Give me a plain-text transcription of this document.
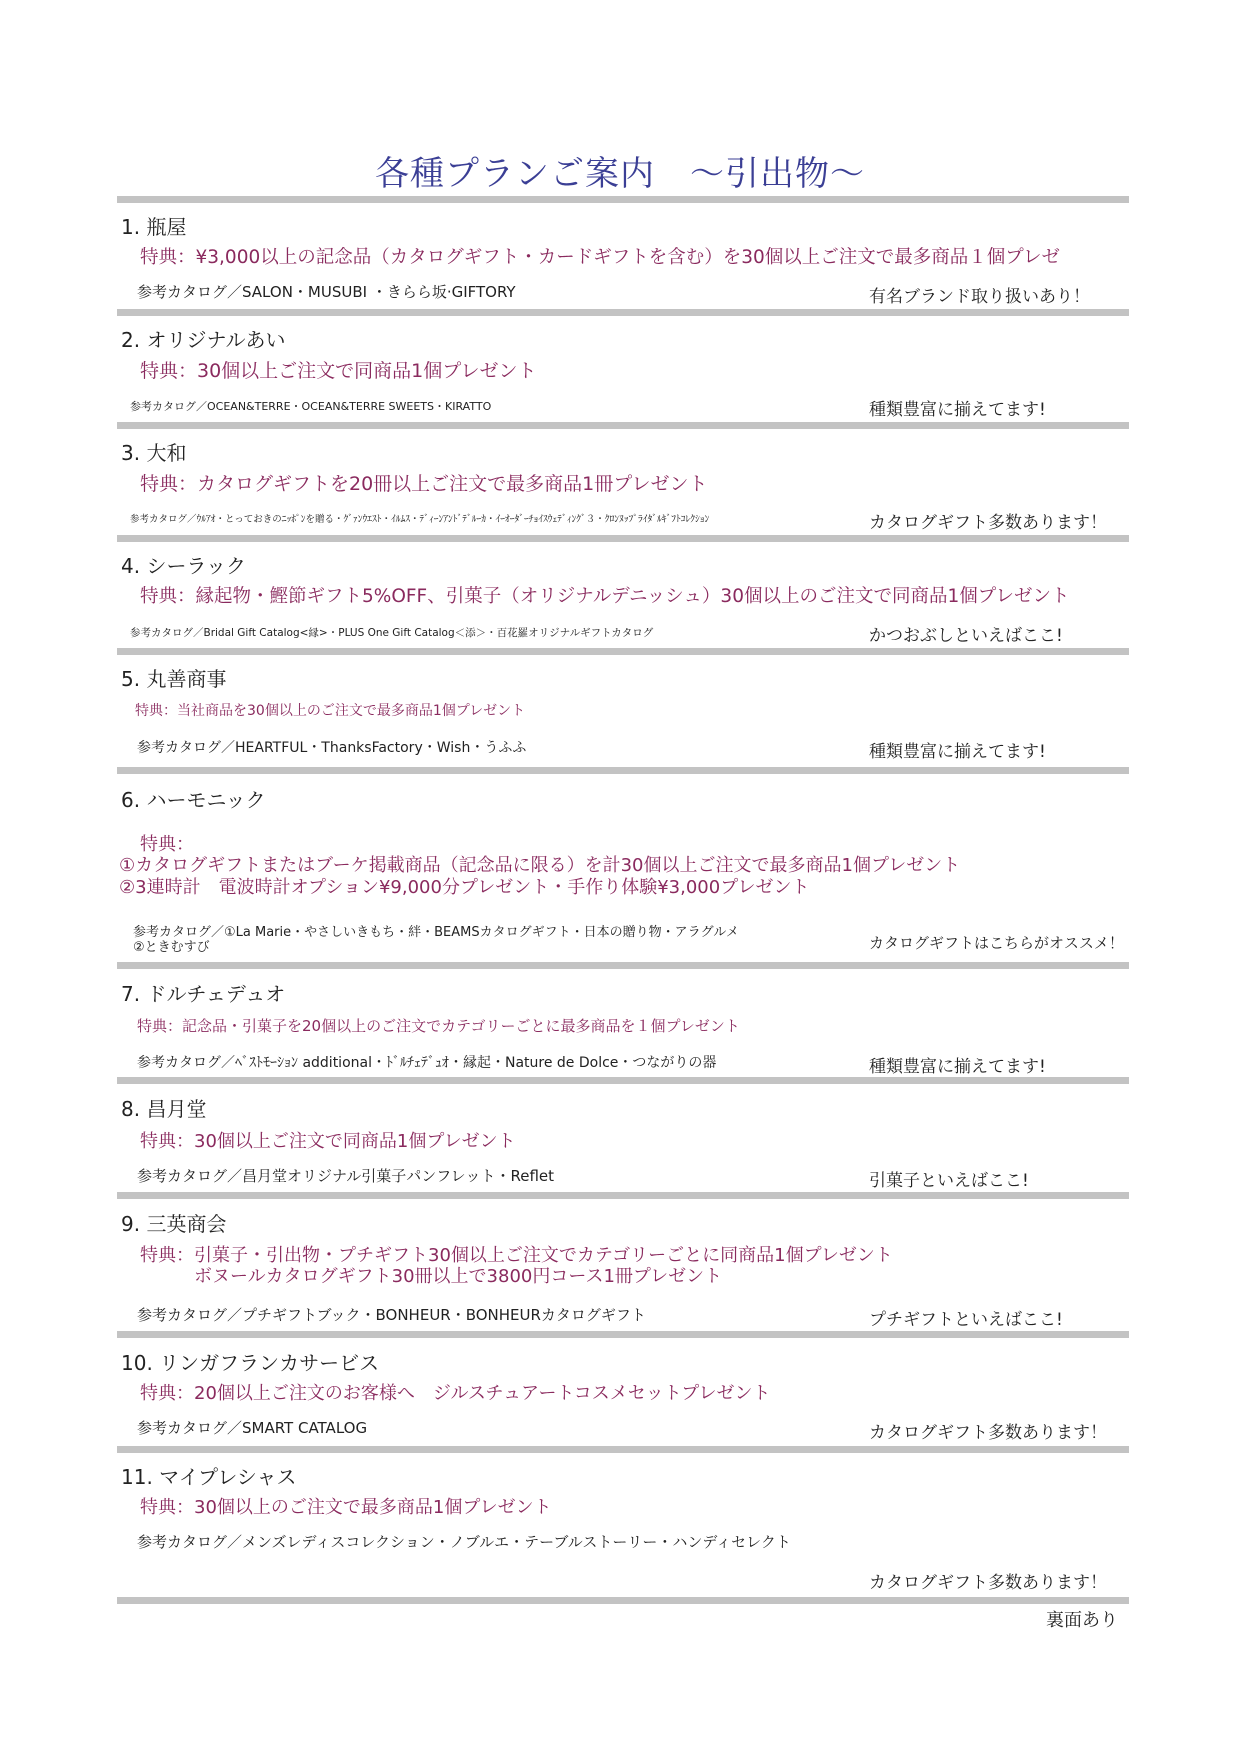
各種プランご案内　～引出物～
1. 瓶屋
特典：¥3,000以上の記念品（カタログギフト・カードギフトを含む）を30個以上ご注文で最多商品１個プレゼ
参考カタログ／SALON・MUSUBI ・きらら坂·GIFTORY	有名ブランド取り扱いあり！
2. オリジナルあい
特典：30個以上ご注文で同商品1個プレゼント
参考カタログ／OCEAN&TERRE・OCEAN&TERRE SWEETS・KIRATTO	種類豊富に揃えてます!
3. 大和
特典：カタログギフトを20冊以上ご注文で最多商品1冊プレゼント
参考カタログ／ｳﾙｱｵ・とっておきのﾆｯﾎﾟﾝを贈る・ｸﾞｧﾝｳｴｽﾄ・ｲﾙﾑｽ・ﾃﾞｨｰﾝｱﾝﾄﾞﾃﾞﾙｰｶ・ｲｰｵｰﾀﾞｰﾁｮｲｽｳｪﾃﾞｨﾝｸﾞ３・ｸﾛﾝﾇｯﾌﾟﾗｲﾀﾞﾙｷﾞﾌﾄｺﾚｸｼｮﾝ	カタログギフト多数あります！
4. シーラック
特典：縁起物・鰹節ギフト5%OFF、引菓子（オリジナルデニッシュ）30個以上のご注文で同商品1個プレゼント
参考カタログ／Bridal Gift Catalog<縁>・PLUS One Gift Catalog＜添＞・百花羅オリジナルギフトカタログ	かつおぶしといえばここ!
5. 丸善商事
特典：当社商品を30個以上のご注文で最多商品1個プレゼント
参考カタログ／HEARTFUL・ThanksFactory・Wish・うふふ	種類豊富に揃えてます!
6. ハーモニック
特典：
①カタログギフトまたはブーケ掲載商品（記念品に限る）を計30個以上ご注文で最多商品1個プレゼント
②3連時計　電波時計オプション¥9,000分プレゼント・手作り体験¥3,000プレゼント
参考カタログ／①La Marie・やさしいきもち・絆・BEAMSカタログギフト・日本の贈り物・アラグルメ
②ときむすび	カタログギフトはこちらがオススメ！
7. ドルチェデュオ
特典：記念品・引菓子を20個以上のご注文でカテゴリーごとに最多商品を１個プレゼント
参考カタログ／ﾍﾞｽﾄﾓｰｼｮﾝ additional・ﾄﾞﾙﾁｪﾃﾞｭｵ・縁起・Nature de Dolce・つながりの器	種類豊富に揃えてます!
8. 昌月堂
特典：30個以上ご注文で同商品1個プレゼント
参考カタログ／昌月堂オリジナル引菓子パンフレット・Reflet	引菓子といえばここ!
9. 三英商会
特典：引菓子・引出物・プチギフト30個以上ご注文でカテゴリーごとに同商品1個プレゼント
　　　ボヌールカタログギフト30冊以上で3800円コース1冊プレゼント
参考カタログ／プチギフトブック・BONHEUR・BONHEURカタログギフト	プチギフトといえばここ!
10. リンガフランカサービス
特典：20個以上ご注文のお客様へ　ジルスチュアートコスメセットプレゼント
参考カタログ／SMART CATALOG	カタログギフト多数あります！
11. マイプレシャス
特典：30個以上のご注文で最多商品1個プレゼント
参考カタログ／メンズレディスコレクション・ノブルエ・テーブルストーリー・ハンディセレクト
カタログギフト多数あります！
裏面あり
